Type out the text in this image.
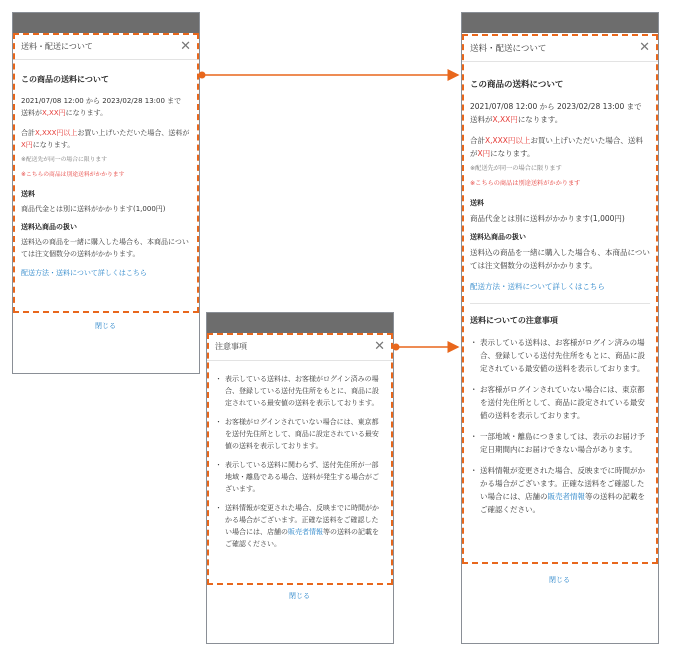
送料・配送について	✕
この商品の送料について

2021/07/08 12:00 から 2023/02/28 13:00 まで
送料がX,XX円になります。

合計X,XXX円以上お買い上げいただいた場合、送料がX円になります。

※配送先が同一の場合に限ります
※こちらの商品は別途送料がかかります
送料

商品代金とは別に送料がかかります(1,000円)

送料込商品の扱い

送料込の商品を一緒に購入した場合も、本商品については注文個数分の送料がかかります。

配送方法・送料について詳しくはこちら

閉じる
注意事項	✕
・ 表示している送料は、お客様がログイン済みの場合、登録している送付先住所をもとに、商品に設定されている最安値の送料を表示しております。
・ お客様がログインされていない場合には、東京都を送付先住所として、商品に設定されている最安値の送料を表示しております。
・ 表示している送料に関わらず、送付先住所が一部地域・離島である場合、送料が発生する場合がございます。
・ 送料情報が変更された場合、反映までに時間がかかる場合がございます。正確な送料をご確認したい場合には、店舗の販売者情報等の送料の記載をご確認ください。
閉じる
送料・配送について	✕
この商品の送料について

2021/07/08 12:00 から 2023/02/28 13:00 まで
送料がX,XX円になります。

合計X,XXX円以上お買い上げいただいた場合、送料がX円になります。

※配送先が同一の場合に限ります
※こちらの商品は別途送料がかかります
送料

商品代金とは別に送料がかかります(1,000円)

送料込商品の扱い

送料込の商品を一緒に購入した場合も、本商品については注文個数分の送料がかかります。

配送方法・送料について詳しくはこちら

送料についての注意事項
・ 表示している送料は、お客様がログイン済みの場合、登録している送付先住所をもとに、商品に設定されている最安値の送料を表示しております。
・ お客様がログインされていない場合には、東京都を送付先住所として、商品に設定されている最安値の送料を表示しております。
・ 一部地域・離島につきましては、表示のお届け予定日期間内にお届けできない場合があります。
・ 送料情報が変更された場合、反映までに時間がかかる場合がございます。正確な送料をご確認したい場合には、店舗の販売者情報等の送料の記載をご確認ください。
閉じる
